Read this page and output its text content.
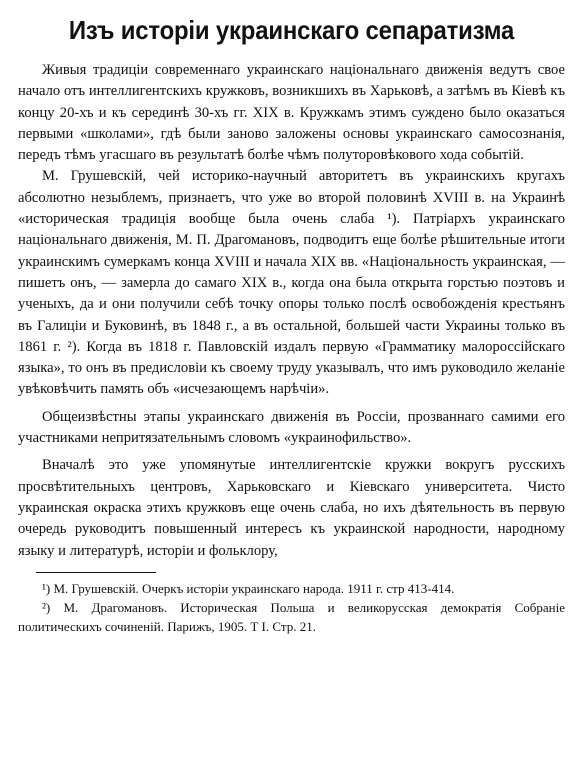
Изъ исторіи украинскаго сепаратизма

Живыя традиціи современнаго украинскаго національнаго движенія ведутъ свое начало отъ интеллигентскихъ кружковъ, возникшихъ въ Харьковѣ, а затѣмъ въ Кіевѣ къ концу 20-хъ и къ серединѣ 30-хъ гг. XIX в. Кружкамъ этимъ суждено было оказаться первыми «школами», гдѣ были заново заложены основы украинскаго самосознанія, передъ тѣмъ угасшаго въ результатѣ болѣе чѣмъ полуторовѣкового хода событій.

М. Грушевскій, чей историко-научный авторитетъ въ украинскихъ кругахъ абсолютно незыблемъ, признаетъ, что уже во второй половинѣ XVIII в. на Украинѣ «историческая традиція вообще была очень слаба ¹). Патріархъ украинскаго національнаго движенія, М. П. Драгомановъ, подводитъ еще болѣе рѣшительные итоги украинскимъ сумеркамъ конца XVIII и начала XIX вв. «Національность украинская, — пишетъ онъ, — замерла до самаго XIX в., когда она была открыта горстью поэтовъ и ученыхъ, да и они получили себѣ точку опоры только послѣ освобожденія крестьянъ въ Галиціи и Буковинѣ, въ 1848 г., а въ остальной, большей части Украины только въ 1861 г. ²). Когда въ 1818 г. Павловскій издалъ первую «Грамматику малороссійскаго языка», то онъ въ предисловіи къ своему труду указывалъ, что имъ руководило желаніе увѣковѣчить память объ «исчезающемъ нарѣчіи».

Общеизвѣстны этапы украинскаго движенія въ Россіи, прозваннаго самими его участниками непритязательнымъ словомъ «украинофильство».

Вначалѣ это уже упомянутые интеллигентскіе кружки вокругъ русскихъ просвѣтительныхъ центровъ, Харьковскаго и Кіевскаго университета. Чисто украинская окраска этихъ кружковъ еще очень слаба, но ихъ дѣятельность въ первую очередь руководитъ повышенный интересъ къ украинской народности, народному языку и литературѣ, исторіи и фольклору,

¹) М. Грушевскій. Очеркъ исторіи украинскаго народа. 1911 г. стр 413-414.

²) М. Драгомановъ. Историческая Польша и великорусская демократія Собраніе политическихъ сочиненій. Парижъ, 1905. Т I. Стр. 21.
